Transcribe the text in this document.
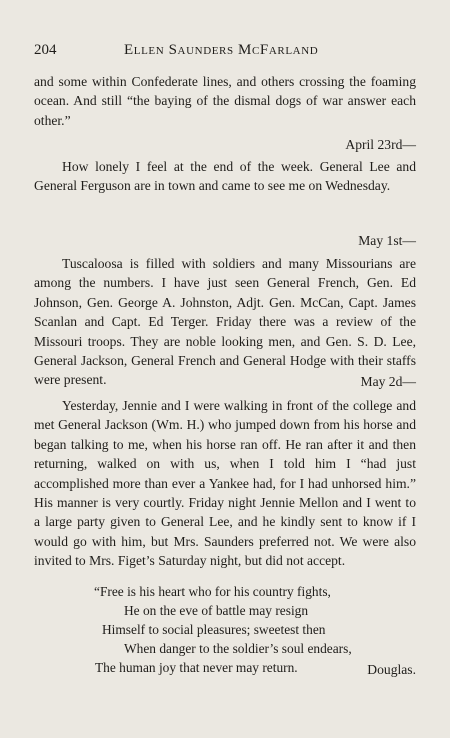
204	Ellen Saunders McFarland

and some within Confederate lines, and others crossing the foaming ocean. And still “the baying of the dismal dogs of war answer each other.”

April 23rd—

How lonely I feel at the end of the week. General Lee and General Ferguson are in town and came to see me on Wednesday.

May 1st—

Tuscaloosa is filled with soldiers and many Missourians are among the numbers. I have just seen General French, Gen. Ed Johnson, Gen. George A. Johnston, Adjt. Gen. McCan, Capt. James Scanlan and Capt. Ed Terger. Friday there was a review of the Missouri troops. They are noble looking men, and Gen. S. D. Lee, General Jackson, General French and General Hodge with their staffs were present.	May 2d—

Yesterday, Jennie and I were walking in front of the college and met General Jackson (Wm. H.) who jumped down from his horse and began talking to me, when his horse ran off. He ran after it and then returning, walked on with us, when I told him I “had just accomplished more than ever a Yankee had, for I had unhorsed him.” His manner is very courtly. Friday night Jennie Mellon and I went to a large party given to General Lee, and he kindly sent to know if I would go with him, but Mrs. Saunders preferred not. We were also invited to Mrs. Figet’s Saturday night, but did not accept.

“Free is his heart who for his country fights,
He on the eve of battle may resign
Himself to social pleasures; sweetest then
When danger to the soldier’s soul endears,
The human joy that never may return.	Douglas.
